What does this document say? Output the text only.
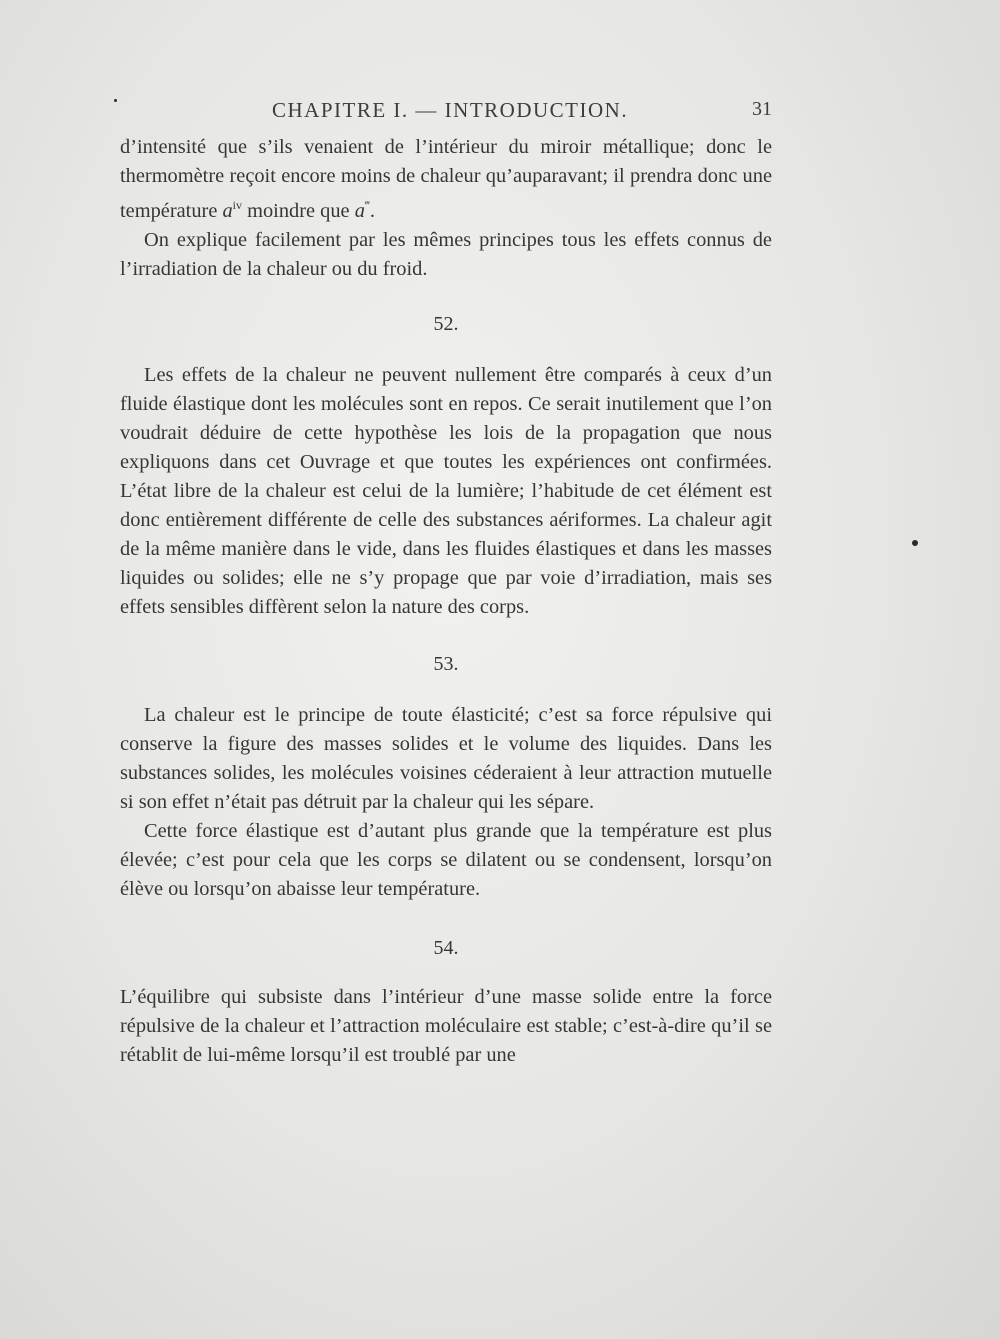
CHAPITRE I. — INTRODUCTION.	31

d’intensité que s’ils venaient de l’intérieur du miroir métallique; donc le thermomètre reçoit encore moins de chaleur qu’auparavant; il prendra donc une température $a^{iv}$ moindre que a‴.

On explique facilement par les mêmes principes tous les effets connus de l’irradiation de la chaleur ou du froid.

52.

Les effets de la chaleur ne peuvent nullement être comparés à ceux d’un fluide élastique dont les molécules sont en repos. Ce serait inutilement que l’on voudrait déduire de cette hypothèse les lois de la propagation que nous expliquons dans cet Ouvrage et que toutes les expériences ont confirmées. L’état libre de la chaleur est celui de la lumière; l’habitude de cet élément est donc entièrement différente de celle des substances aériformes. La chaleur agit de la même manière dans le vide, dans les fluides élastiques et dans les masses liquides ou solides; elle ne s’y propage que par voie d’irradiation, mais ses effets sensibles diffèrent selon la nature des corps.

53.

La chaleur est le principe de toute élasticité; c’est sa force répulsive qui conserve la figure des masses solides et le volume des liquides. Dans les substances solides, les molécules voisines céderaient à leur attraction mutuelle si son effet n’était pas détruit par la chaleur qui les sépare.

Cette force élastique est d’autant plus grande que la température est plus élevée; c’est pour cela que les corps se dilatent ou se condensent, lorsqu’on élève ou lorsqu’on abaisse leur température.

54.

L’équilibre qui subsiste dans l’intérieur d’une masse solide entre la force répulsive de la chaleur et l’attraction moléculaire est stable; c’est-à-dire qu’il se rétablit de lui-même lorsqu’il est troublé par une
